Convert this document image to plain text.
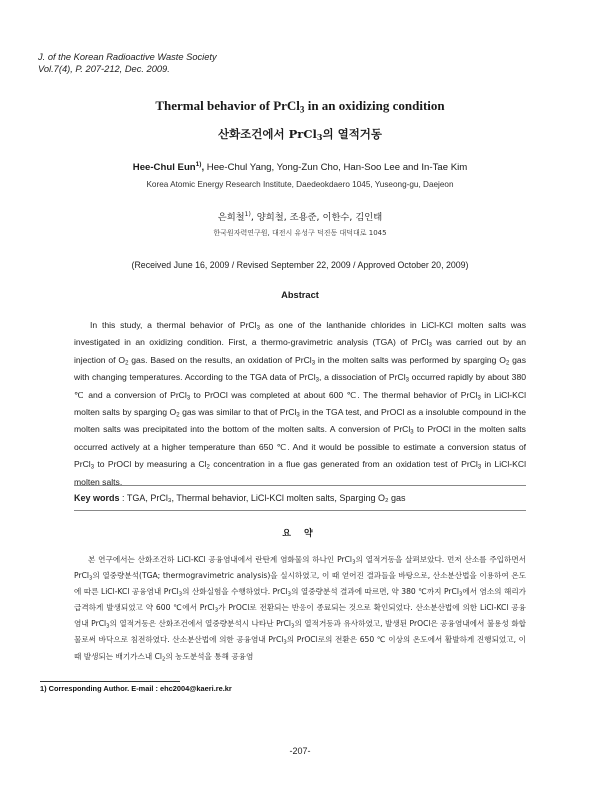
J. of the Korean Radioactive Waste Society
Vol.7(4), P. 207-212, Dec. 2009.
Thermal behavior of PrCl$_3$ in an oxidizing condition
산화조건에서 PrCl$_3$의 열적거동
Hee-Chul Eun$^{1)}$, Hee-Chul Yang, Yong-Zun Cho, Han-Soo Lee and In-Tae Kim
Korea Atomic Energy Research Institute, Daedeokdaero 1045, Yuseong-gu, Daejeon
은희철$^{1)}$, 양희철, 조용준, 이한수, 김인태
한국원자력연구원, 대전시 유성구 덕진동 대덕대로 1045
(Received June 16, 2009 / Revised September 22, 2009 / Approved October 20, 2009)
Abstract

In this study, a thermal behavior of PrCl$_3$ as one of the lanthanide chlorides in LiCl-KCl molten salts was investigated in an oxidizing condition. First, a thermo-gravimetric analysis (TGA) of PrCl$_3$ was carried out by an injection of $O_2$ gas. Based on the results, an oxidation of PrCl$_3$ in the molten salts was performed by sparging $O_2$ gas with changing temperatures. According to the TGA data of PrCl$_3$, a dissociation of PrCl$_3$ occurred rapidly by about 380 ℃ and a conversion of PrCl$_3$ to PrOCl was completed at about 600 ℃. The thermal behavior of PrCl$_3$ in LiCl-KCl molten salts by sparging $O_2$ gas was similar to that of PrCl$_3$ in the TGA test, and PrOCl as a insoluble compound in the molten salts was precipitated into the bottom of the molten salts. A conversion of PrCl$_3$ to PrOCl in the molten salts occurred actively at a higher temperature than 650 ℃. And it would be possible to estimate a conversion status of PrCl$_3$ to PrOCl by measuring a $Cl_2$ concentration in a flue gas generated from an oxidation test of PrCl$_3$ in LiCl-KCl molten salts.

Key words : TGA, PrCl₃, Thermal behavior, LiCl-KCl molten salts, Sparging O₂ gas
요 약

본 연구에서는 산화조건하 LiCl-KCl 공융염내에서 란탄계 염화물의 하나인 PrCl$_3$의 열적거동을 살펴보았다. 먼저 산소를 주입하면서 PrCl$_3$의 열중량분석(TGA; thermogravimetric analysis)을 실시하였고, 이 때 얻어진 결과들을 바탕으로, 산소분산법을 이용하여 온도에 따른 LiCl-KCl 공융염내 PrCl$_3$의 산화실험을 수행하였다. PrCl$_3$의 열중량분석 결과에 따르면, 약 380 ℃까지 PrCl$_3$에서 염소의 해리가 급격하게 발생되었고 약 600 ℃에서 PrCl$_3$가 PrOCl로 전환되는 반응이 종료되는 것으로 확인되었다. 산소분산법에 의한 LiCl-KCl 공융염내 PrCl$_3$의 열적거동은 산화조건에서 열중량분석시 나타난 PrCl$_3$의 열적거동과 유사하였고, 발생된 PrOCl은 공융염내에서 불용성 화합물로써 바닥으로 침전하였다. 산소분산법에 의한 공융염내 PrCl$_3$의 PrOCl로의 전환은 650 ℃ 이상의 온도에서 활발하게 진행되었고, 이 때 발생되는 배기가스내 $Cl_2$의 농도분석을 통해 공융염

1) Corresponding Author. E-mail : ehc2004@kaeri.re.kr
-207-
